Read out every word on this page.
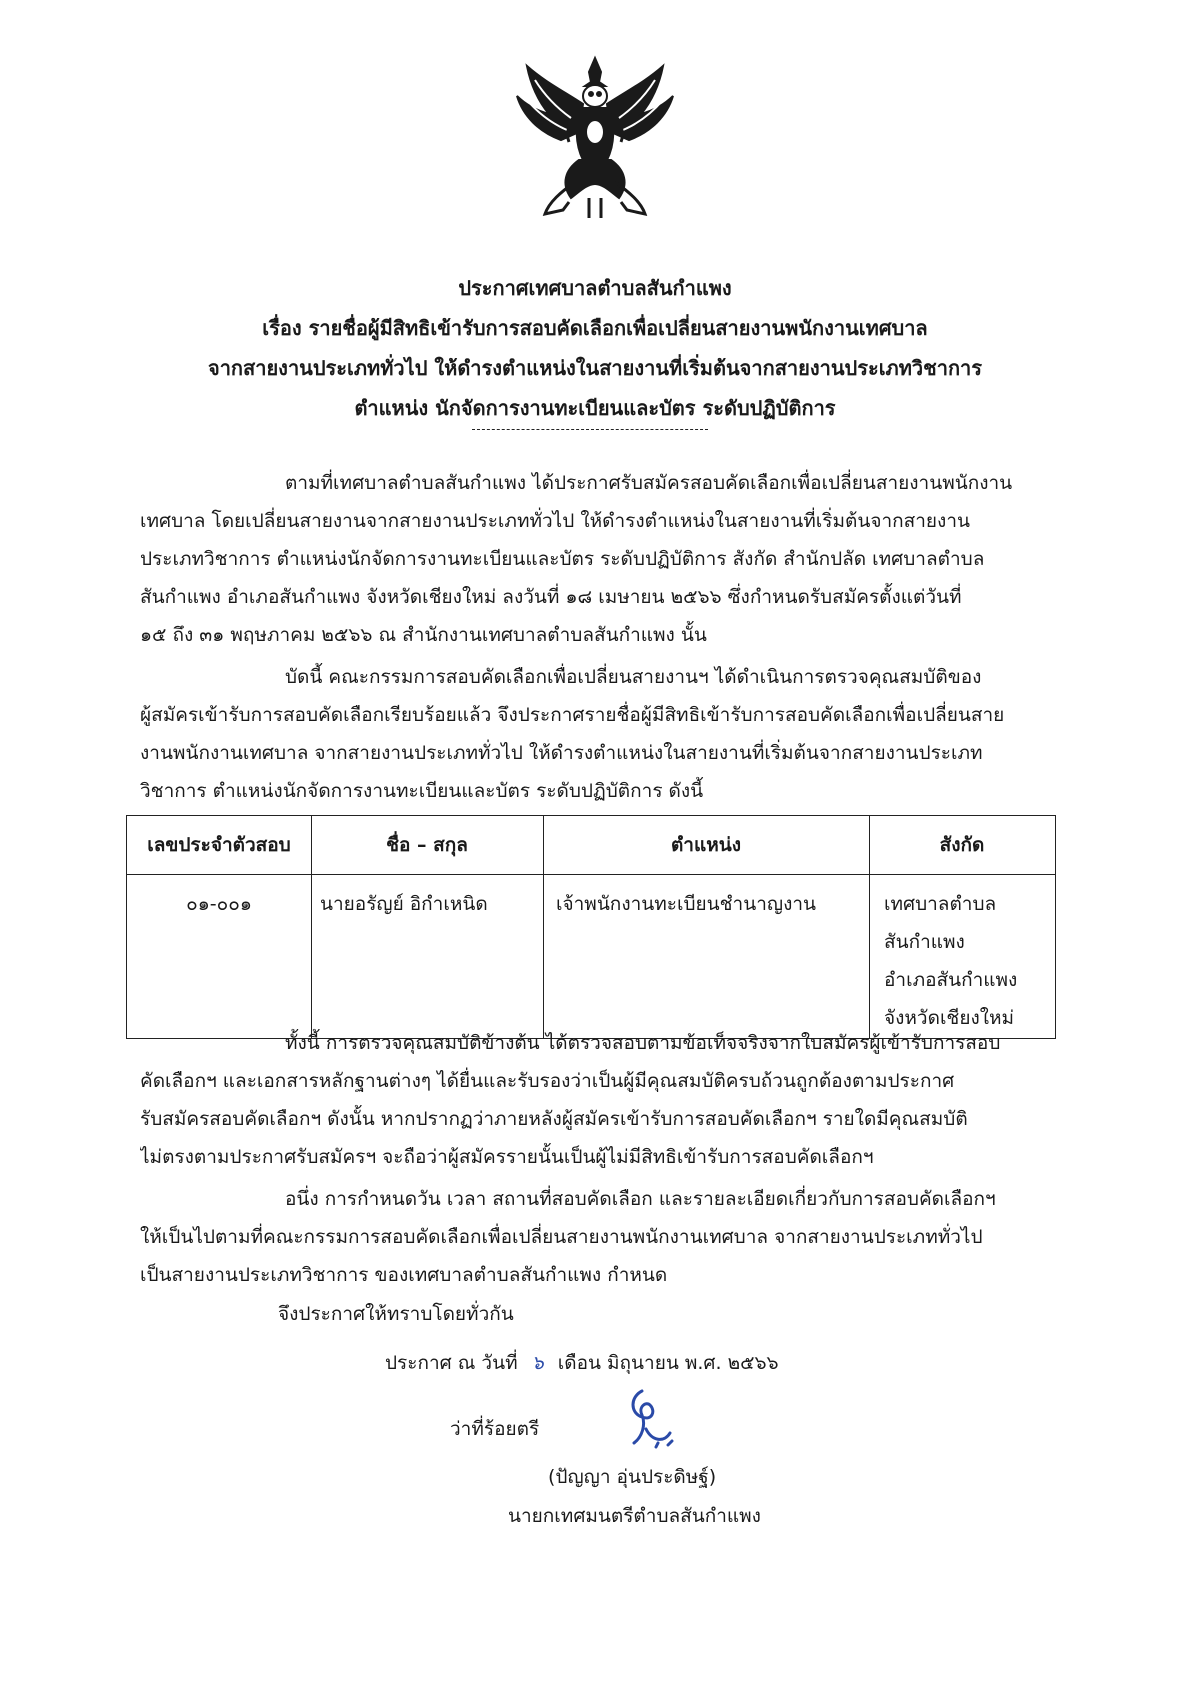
ประกาศเทศบาลตำบลสันกำแพง
เรื่อง รายชื่อผู้มีสิทธิเข้ารับการสอบคัดเลือกเพื่อเปลี่ยนสายงานพนักงานเทศบาล
จากสายงานประเภททั่วไป ให้ดำรงตำแหน่งในสายงานที่เริ่มต้นจากสายงานประเภทวิชาการ
ตำแหน่ง นักจัดการงานทะเบียนและบัตร ระดับปฏิบัติการ
ตามที่เทศบาลตำบลสันกำแพง ได้ประกาศรับสมัครสอบคัดเลือกเพื่อเปลี่ยนสายงานพนักงาน
เทศบาล โดยเปลี่ยนสายงานจากสายงานประเภททั่วไป ให้ดำรงตำแหน่งในสายงานที่เริ่มต้นจากสายงาน
ประเภทวิชาการ ตำแหน่งนักจัดการงานทะเบียนและบัตร ระดับปฏิบัติการ สังกัด สำนักปลัด เทศบาลตำบล
สันกำแพง อำเภอสันกำแพง จังหวัดเชียงใหม่ ลงวันที่ ๑๘ เมษายน ๒๕๖๖ ซึ่งกำหนดรับสมัครตั้งแต่วันที่
๑๕ ถึง ๓๑ พฤษภาคม ๒๕๖๖ ณ สำนักงานเทศบาลตำบลสันกำแพง นั้น
บัดนี้ คณะกรรมการสอบคัดเลือกเพื่อเปลี่ยนสายงานฯ ได้ดำเนินการตรวจคุณสมบัติของ
ผู้สมัครเข้ารับการสอบคัดเลือกเรียบร้อยแล้ว จึงประกาศรายชื่อผู้มีสิทธิเข้ารับการสอบคัดเลือกเพื่อเปลี่ยนสาย
งานพนักงานเทศบาล จากสายงานประเภททั่วไป ให้ดำรงตำแหน่งในสายงานที่เริ่มต้นจากสายงานประเภท
วิชาการ ตำแหน่งนักจัดการงานทะเบียนและบัตร ระดับปฏิบัติการ ดังนี้
เลขประจำตัวสอบ	ชื่อ – สกุล	ตำแหน่ง	สังกัด
๐๑-๐๐๑	นายอรัญย์ อิกำเหนิด	เจ้าพนักงานทะเบียนชำนาญงาน	เทศบาลตำบลสันกำแพง
อำเภอสันกำแพง
จังหวัดเชียงใหม่
ทั้งนี้ การตรวจคุณสมบัติข้างต้น ได้ตรวจสอบตามข้อเท็จจริงจากใบสมัครผู้เข้ารับการสอบ
คัดเลือกฯ และเอกสารหลักฐานต่างๆ ได้ยื่นและรับรองว่าเป็นผู้มีคุณสมบัติครบถ้วนถูกต้องตามประกาศ
รับสมัครสอบคัดเลือกฯ ดังนั้น หากปรากฏว่าภายหลังผู้สมัครเข้ารับการสอบคัดเลือกฯ รายใดมีคุณสมบัติ
ไม่ตรงตามประกาศรับสมัครฯ จะถือว่าผู้สมัครรายนั้นเป็นผู้ไม่มีสิทธิเข้ารับการสอบคัดเลือกฯ
อนึ่ง การกำหนดวัน เวลา สถานที่สอบคัดเลือก และรายละเอียดเกี่ยวกับการสอบคัดเลือกฯ
ให้เป็นไปตามที่คณะกรรมการสอบคัดเลือกเพื่อเปลี่ยนสายงานพนักงานเทศบาล จากสายงานประเภททั่วไป
เป็นสายงานประเภทวิชาการ ของเทศบาลตำบลสันกำแพง กำหนด
จึงประกาศให้ทราบโดยทั่วกัน
ประกาศ ณ วันที่ ๖ เดือน มิถุนายน พ.ศ. ๒๕๖๖
ว่าที่ร้อยตรี
(ปัญญา อุ่นประดิษฐ์)
นายกเทศมนตรีตำบลสันกำแพง
